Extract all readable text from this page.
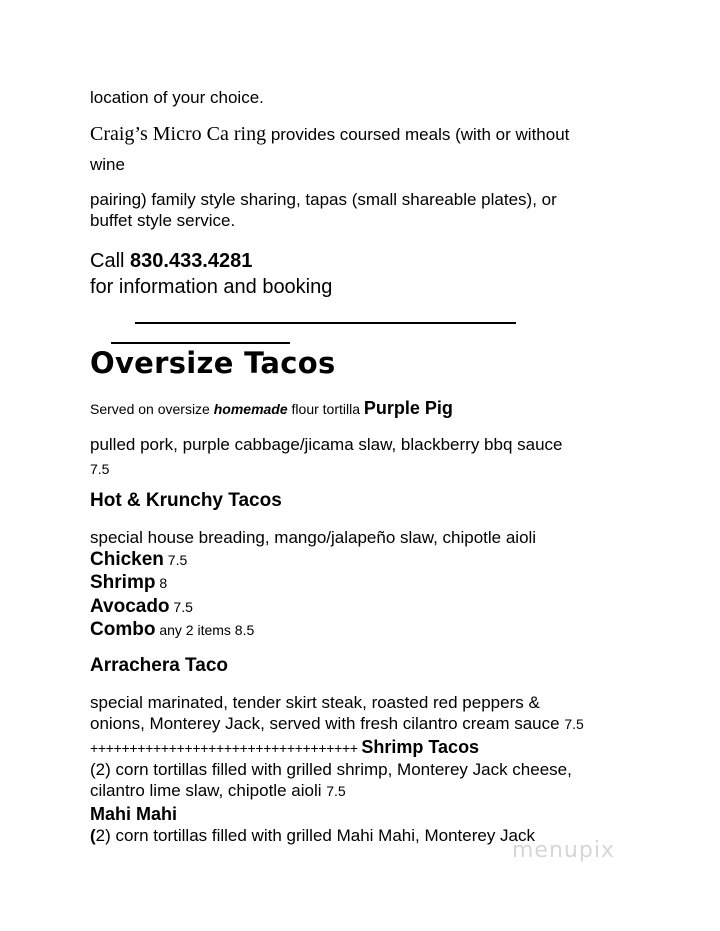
location of your choice.
Craig’s Micro Ca ring provides coursed meals (with or without
wine
pairing) family style sharing, tapas (small shareable plates), or
buffet style service.
Call 830.433.4281
for information and booking
Oversize Tacos
Served on oversize homemade flour tortilla Purple Pig
pulled pork, purple cabbage/jicama slaw, blackberry bbq sauce
7.5
Hot & Krunchy Tacos
special house breading, mango/jalapeño slaw, chipotle aioli
Chicken 7.5
Shrimp 8
Avocado 7.5
Combo any 2 items 8.5
Arrachera Taco
special marinated, tender skirt steak, roasted red peppers &
onions, Monterey Jack, served with fresh cilantro cream sauce 7.5
++++++++++++++++++++++++++++++++++ Shrimp Tacos
(2) corn tortillas filled with grilled shrimp, Monterey Jack cheese,
cilantro lime slaw, chipotle aioli 7.5
Mahi Mahi
(2) corn tortillas filled with grilled Mahi Mahi, Monterey Jack
menupix
